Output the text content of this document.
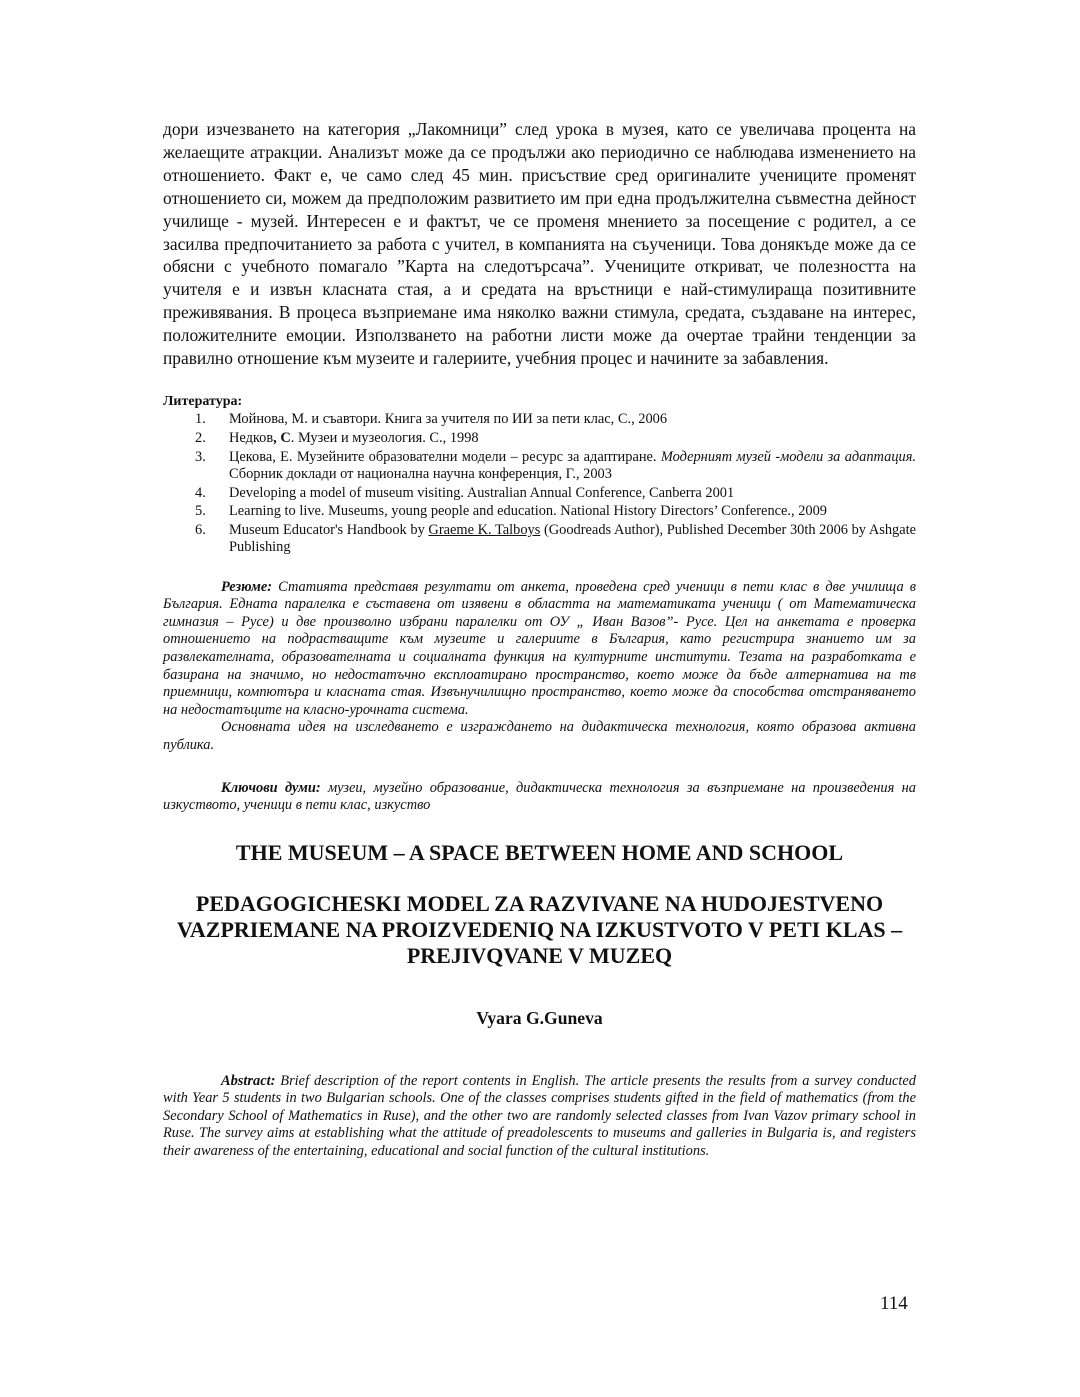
дори изчезването на категория „Лакомници” след урока в музея, като се увеличава процента на желаещите атракции. Анализът може да се продължи ако периодично се наблюдава изменението на отношението. Факт е, че само след 45 мин. присъствие сред оригиналите учениците променят отношението си, можем да предположим развитието им при една продължителна съвместна дейност училище - музей. Интересен е и фактът, че се променя мнението за посещение с родител, а се засилва предпочитанието за работа с учител, в компанията на съученици. Това донякъде може да се обясни с учебното помагало ”Карта на следотърсача”. Учениците откриват, че полезността на учителя е и извън класната стая, а и средата на връстници е най-стимулираща позитивните преживявания. В процеса възприемане има няколко важни стимула, средата, създаване на интерес, положителните емоции. Използването на работни листи може да очертае трайни тенденции за правилно отношение към музеите и галериите, учебния процес и начините за забавления.

Литература:
1. Мойнова, М. и съавтори. Книга за учителя по ИИ за пети клас, С., 2006
2. Недков, С. Музеи и музеология. С., 1998
3. Цекова, Е. Музейните образователни модели – ресурс за адаптиране. Модерният музей -модели за адаптация. Сборник доклади от национална научна конференция, Г., 2003
4. Developing a model of museum visiting. Australian Annual Conference, Canberra 2001
5. Learning to live. Museums, young people and education. National History Directors’ Conference., 2009
6. Museum Educator's Handbook by Graeme K. Talboys (Goodreads Author), Published December 30th 2006 by Ashgate Publishing

Резюме: Статията представя резултати от анкета, проведена сред ученици в пети клас в две училища в България. Едната паралелка е съставена от изявени в областта на математиката ученици ( от Математическа гимназия – Русе) и две произволно избрани паралелки от ОУ „ Иван Вазов”- Русе. Цел на анкетата е проверка отношението на подрастващите към музеите и галериите в България, като регистрира знанието им за развлекателната, образователната и социалната функция на културните институти. Тезата на разработката е базирана на значимо, но недостатъчно експлоатирано пространство, което може да бъде алтернатива на тв приемници, компютъра и класната стая. Извънучилищно пространство, което може да способства отстраняването на недостатъците на класно-урочната система.

Основната идея на изследването е изграждането на дидактическа технология, която образова активна публика.

Ключови думи: музеи, музейно образование, дидактическа технология за възприемане на произведения на изкуството, ученици в пети клас, изкуство

THE MUSEUM – A SPACE BETWEEN HOME AND SCHOOL
PEDAGOGICHESKI MODEL ZA RAZVIVANE NA HUDOJESTVENO VAZPRIEMANE NA PROIZVEDENIQ NA IZKUSTVOTO V PETI KLAS – PREJIVQVANE V MUZEQ
Vyara G.Guneva

Abstract: Brief description of the report contents in English. The article presents the results from a survey conducted with Year 5 students in two Bulgarian schools. One of the classes comprises students gifted in the field of mathematics (from the Secondary School of Mathematics in Ruse), and the other two are randomly selected classes from Ivan Vazov primary school in Ruse. The survey aims at establishing what the attitude of preadolescents to museums and galleries in Bulgaria is, and registers their awareness of the entertaining, educational and social function of the cultural institutions.

114
